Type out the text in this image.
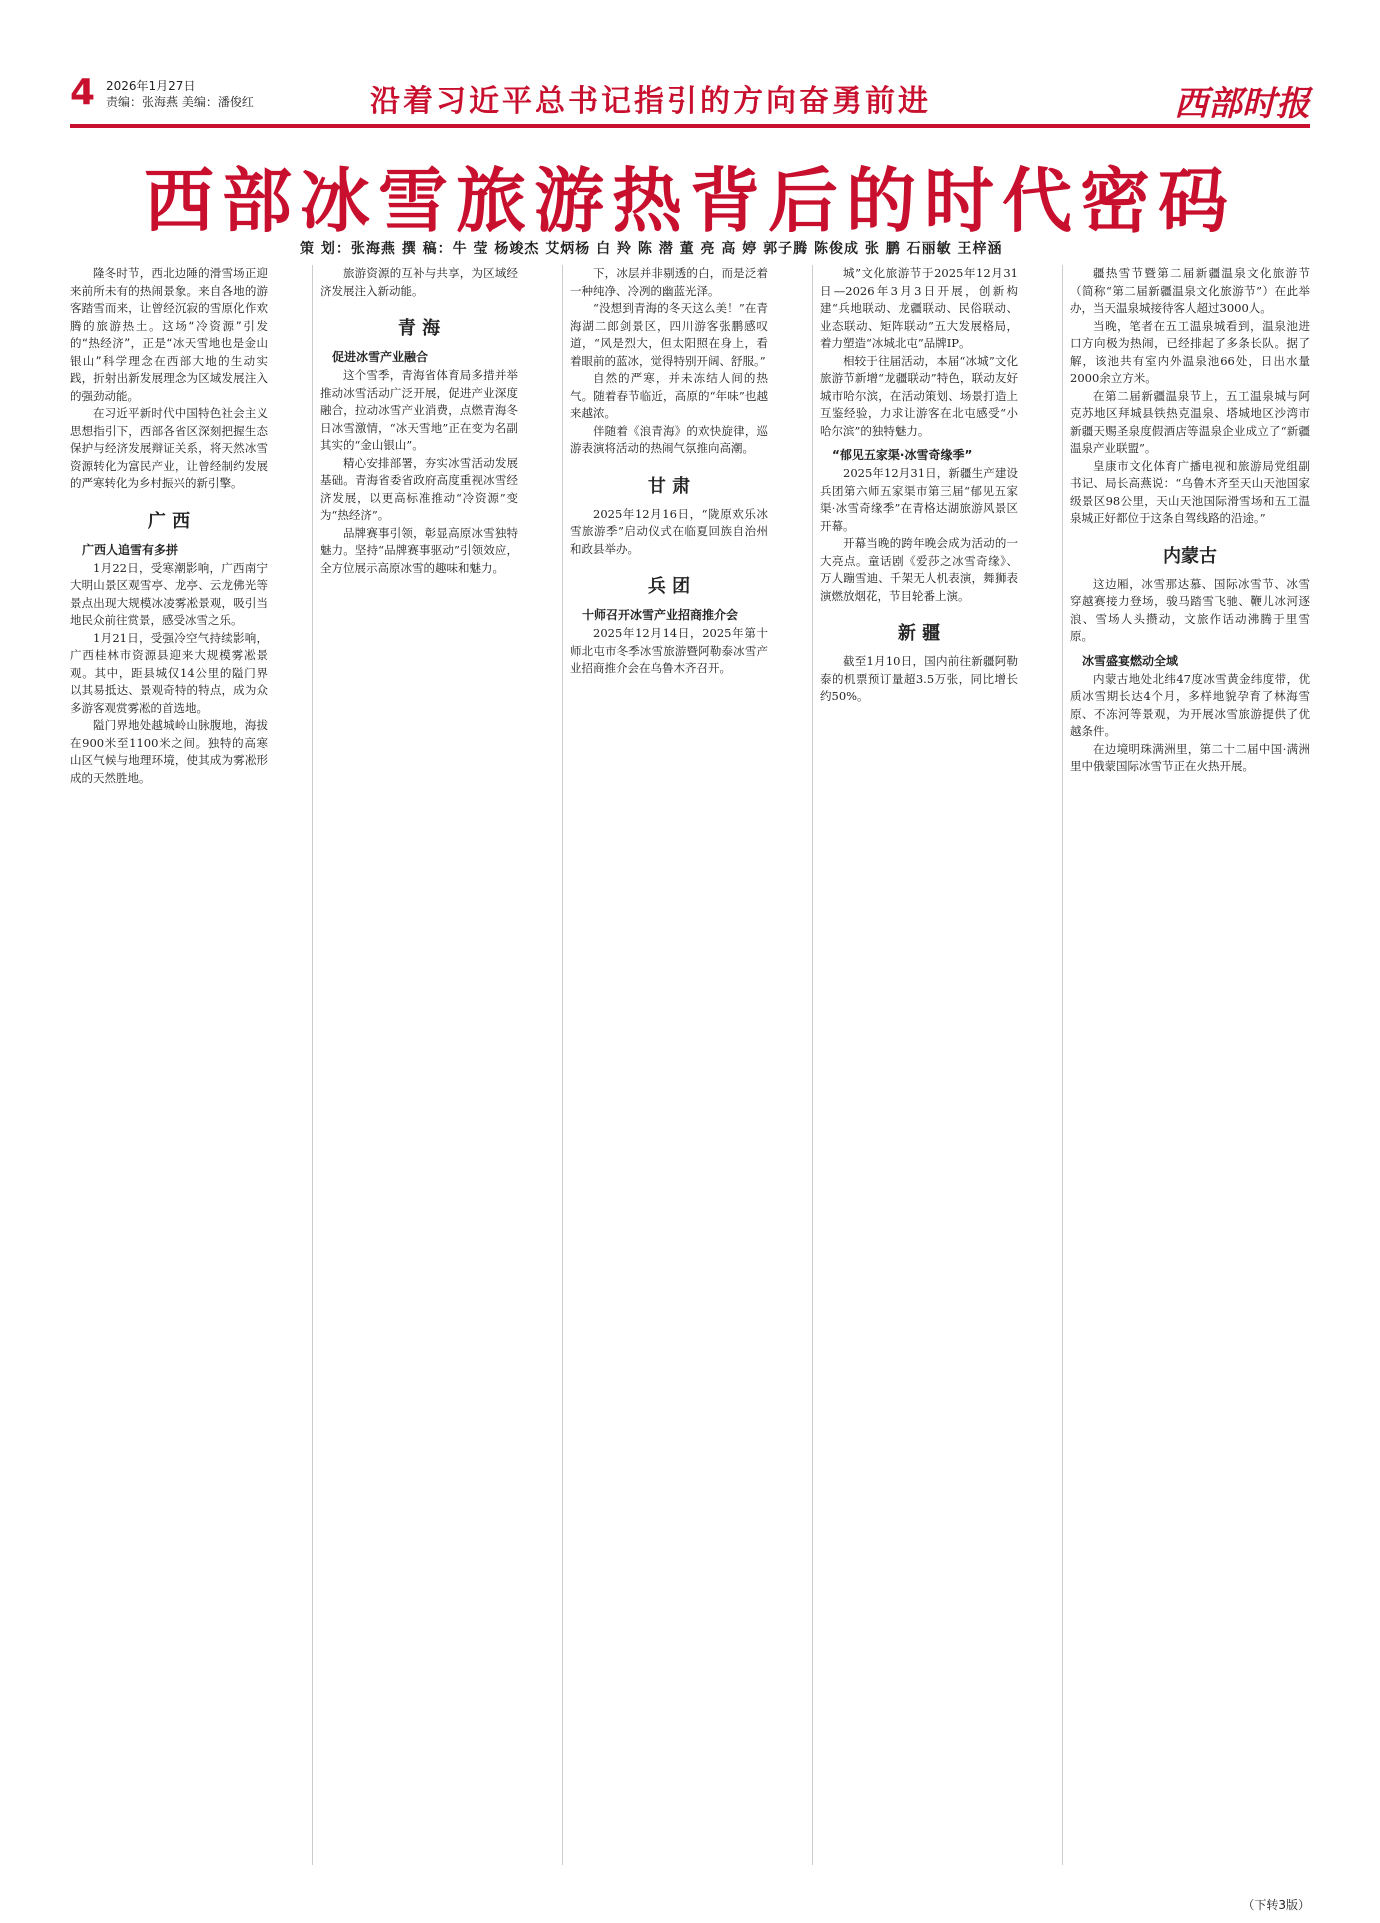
4 2026年1月27日
责编：张海燕 美编：潘俊红	沿着习近平总书记指引的方向奋勇前进	西部时报
西部冰雪旅游热背后的时代密码
策 划：张海燕 撰 稿：牛 莹 杨竣杰 艾炳杨 白 羚 陈 潜 董 亮 高 婷 郭子腾 陈俊成 张 鹏 石丽敏 王梓涵

隆冬时节，西北边陲的滑雪场正迎来前所未有的热闹景象。来自各地的游客踏雪而来，让曾经沉寂的雪原化作欢腾的旅游热土。这场“冷资源”引发的“热经济”，正是“冰天雪地也是金山银山”科学理念在西部大地的生动实践，折射出新发展理念为区域发展注入的强劲动能。

在习近平新时代中国特色社会主义思想指引下，西部各省区深刻把握生态保护与经济发展辩证关系，将天然冰雪资源转化为富民产业，让曾经制约发展的严寒转化为乡村振兴的新引擎。

广 西
广西人追雪有多拼

1月22日，受寒潮影响，广西南宁大明山景区观雪亭、龙亭、云龙佛光等景点出现大规模冰凌雾凇景观，吸引当地民众前往赏景，感受冰雪之乐。

1月21日，受强冷空气持续影响，广西桂林市资源县迎来大规模雾凇景观。其中，距县城仅14公里的隘门界以其易抵达、景观奇特的特点，成为众多游客观赏雾凇的首选地。

隘门界地处越城岭山脉腹地，海拔在900米至1100米之间。独特的高寒山区气候与地理环境，使其成为雾凇形成的天然胜地。

旅游资源的互补与共享，为区域经济发展注入新动能。

青 海
促进冰雪产业融合

这个雪季，青海省体育局多措并举推动冰雪活动广泛开展，促进产业深度融合，拉动冰雪产业消费，点燃青海冬日冰雪激情，“冰天雪地”正在变为名副其实的“金山银山”。

精心安排部署，夯实冰雪活动发展基础。青海省委省政府高度重视冰雪经济发展，以更高标准推动“冷资源”变为“热经济”。

品牌赛事引领，彰显高原冰雪独特魅力。坚持“品牌赛事驱动”引领效应，全方位展示高原冰雪的趣味和魅力。

下，冰层并非剔透的白，而是泛着一种纯净、冷冽的幽蓝光泽。

“没想到青海的冬天这么美！”在青海湖二郎剑景区，四川游客张鹏感叹道，“风是烈大，但太阳照在身上，看着眼前的蓝冰，觉得特别开阔、舒服。”

自然的严寒，并未冻结人间的热气。随着春节临近，高原的“年味”也越来越浓。

伴随着《浪青海》的欢快旋律，巡游表演将活动的热闹气氛推向高潮。

甘 肃

2025年12月16日，“陇原欢乐冰雪旅游季”启动仪式在临夏回族自治州和政县举办。

兵 团
十师召开冰雪产业招商推介会

2025年12月14日，2025年第十师北屯市冬季冰雪旅游暨阿勒泰冰雪产业招商推介会在乌鲁木齐召开。

城”文化旅游节于2025年12月31日—2026年3月3日开展，创新构建“兵地联动、龙疆联动、民俗联动、业态联动、矩阵联动”五大发展格局，着力塑造“冰城北屯”品牌IP。

相较于往届活动，本届“冰城”文化旅游节新增“龙疆联动”特色，联动友好城市哈尔滨，在活动策划、场景打造上互鉴经验，力求让游客在北屯感受“小哈尔滨”的独特魅力。

“郁见五家渠·冰雪奇缘季”

2025年12月31日，新疆生产建设兵团第六师五家渠市第三届“郁见五家渠·冰雪奇缘季”在青格达湖旅游风景区开幕。

开幕当晚的跨年晚会成为活动的一大亮点。童话剧《爱莎之冰雪奇缘》、万人蹦雪迪、千架无人机表演，舞狮表演燃放烟花，节目轮番上演。

新 疆

截至1月10日，国内前往新疆阿勒泰的机票预订量超3.5万张，同比增长约50%。

疆热雪节暨第二届新疆温泉文化旅游节（简称“第二届新疆温泉文化旅游节”）在此举办，当天温泉城接待客人超过3000人。

当晚，笔者在五工温泉城看到，温泉池进口方向极为热闹，已经排起了多条长队。据了解，该池共有室内外温泉池66处，日出水量2000余立方米。

在第二届新疆温泉节上，五工温泉城与阿克苏地区拜城县铁热克温泉、塔城地区沙湾市新疆天赐圣泉度假酒店等温泉企业成立了“新疆温泉产业联盟”。

皇康市文化体育广播电视和旅游局党组副书记、局长高燕说：“乌鲁木齐至天山天池国家级景区98公里，天山天池国际滑雪场和五工温泉城正好都位于这条自驾线路的沿途。”

内蒙古

这边厢，冰雪那达慕、国际冰雪节、冰雪穿越赛接力登场，骏马踏雪飞驰、鞭儿冰河逐浪、雪场人头攒动，文旅作话动沸腾于里雪原。

冰雪盛宴燃动全域

内蒙古地处北纬47度冰雪黄金纬度带，优质冰雪期长达4个月，多样地貌孕育了林海雪原、不冻河等景观，为开展冰雪旅游提供了优越条件。

在边境明珠满洲里，第二十二届中国·满洲里中俄蒙国际冰雪节正在火热开展。

（下转3版）
